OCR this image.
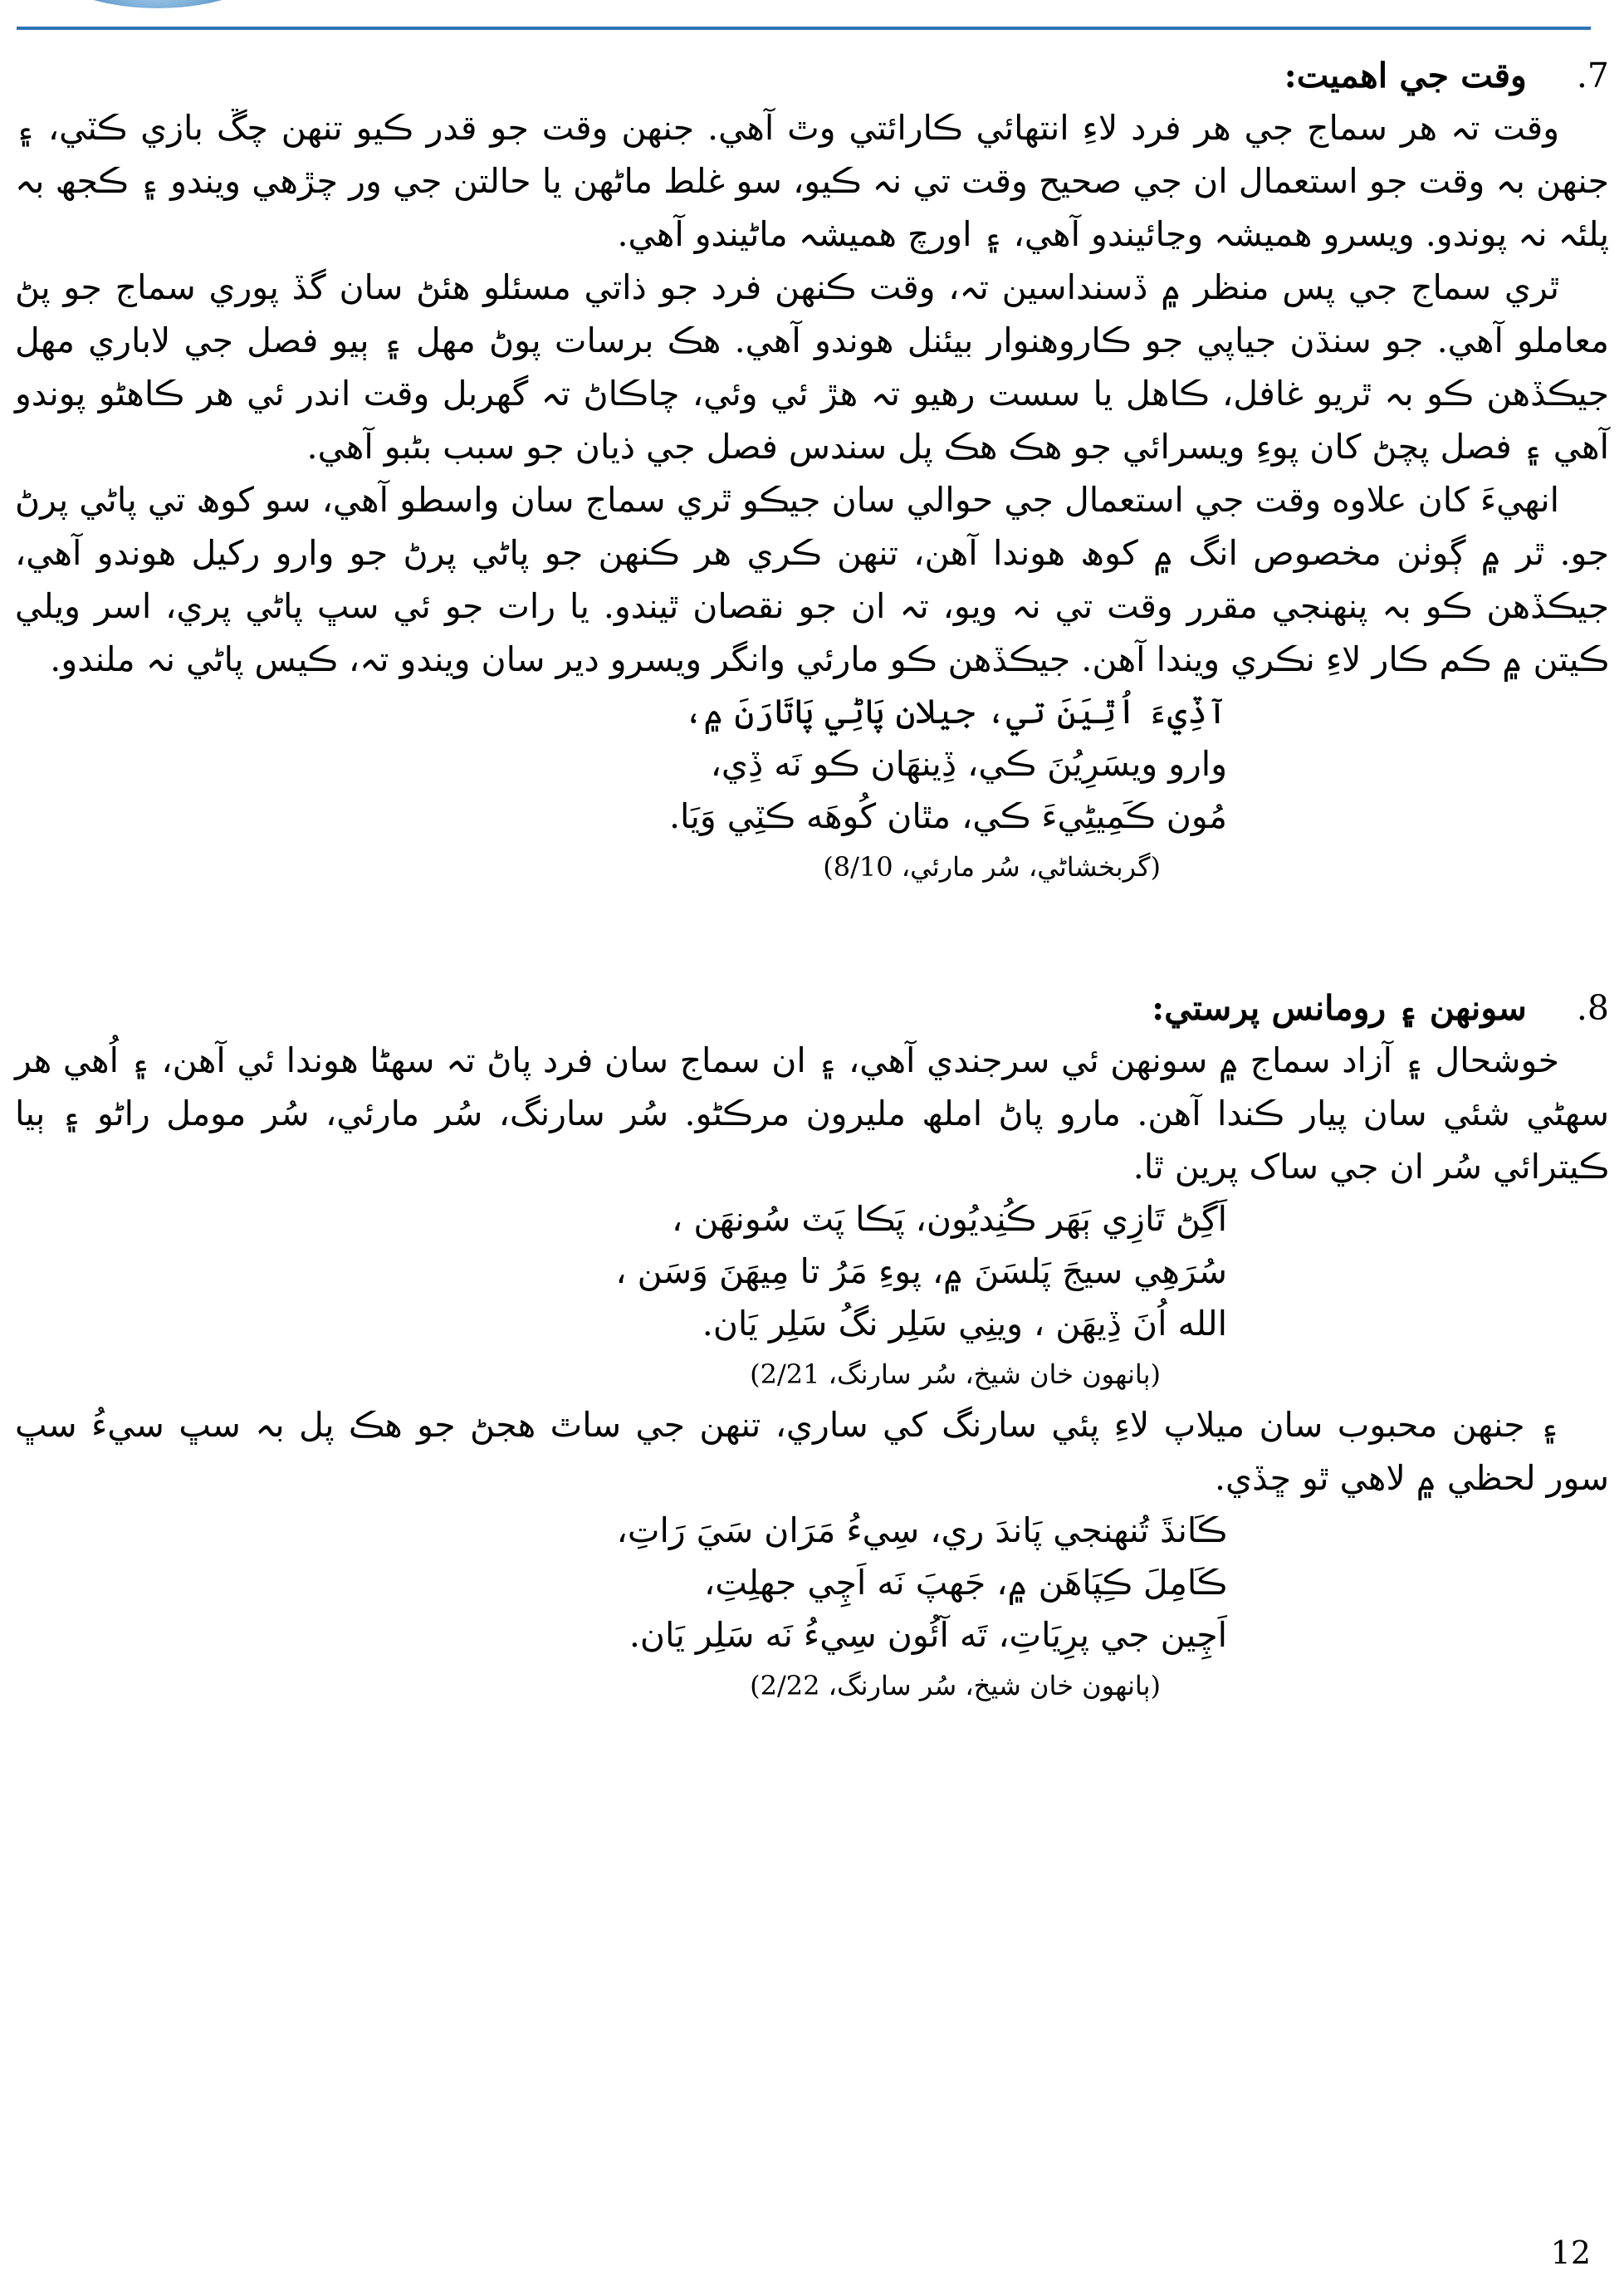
7.
وقت جي اهميت:

وقت تہ هر سماج جي هر فرد لاءِ انتهائي ڪارائتي وٿ آهي. جنهن وقت جو قدر ڪيو تنهن چڱ بازي ڪٽي، ۽ جنهن بہ وقت جو استعمال ان جي صحيح وقت تي نہ ڪيو، سو غلط ماڻهن يا حالتن جي ور چڙهي ويندو ۽ ڪجھ بہ پلئہ نہ پوندو. ويسرو هميشہ وڃائيندو آهي، ۽ اورچ هميشہ ماڻيندو آهي.

ٿري سماج جي پس منظر ۾ ڏسنداسين تہ، وقت ڪنهن فرد جو ذاتي مسئلو هئڻ سان گڏ پوري سماج جو پڻ معاملو آهي. جو سنڌن جياپي جو ڪاروهنوار بيئنل هوندو آهي. هڪ برسات پوڻ مهل ۽ ٻيو فصل جي لاباري مهل جيڪڏهن ڪو بہ ٿريو غافل، ڪاهل يا سست رهيو تہ هڙ ئي وئي، چاڪاڻ تہ گهربل وقت اندر ئي هر ڪاهڻو پوندو آهي ۽ فصل پچڻ کان پوءِ ويسرائي جو هڪ هڪ پل سندس فصل جي ذيان جو سبب بڻبو آهي.

انهيءَ کان علاوه وقت جي استعمال جي حوالي سان جيڪو ٿري سماج سان واسطو آهي، سو کوھ تي پاڻي پرڻ جو. ٿر ۾ ڳوٺن مخصوص انگ ۾ کوھ هوندا آهن، تنهن ڪري هر ڪنهن جو پاڻي پرڻ جو وارو رکيل هوندو آهي، جيڪڏهن ڪو بہ پنهنجي مقرر وقت تي نہ ويو، تہ ان جو نقصان ٿيندو. يا رات جو ئي سڀ پاڻي پري، اسر ويلي ڪيتن ۾ ڪم ڪار لاءِ نڪري ويندا آهن. جيڪڏهن ڪو مارئي وانگر ويسرو دير سان ويندو تہ، ڪيس پاڻي نہ ملندو.

آڏِيءَ اُٿِيَنَ تي، جيلان پَاڻِي پَاتَارَنَ ۾،

وارو ويسَرِيُنَ ڪي، ڏِينهَان ڪو نَه ڏِي،

مُون ڪَمِيڻِيءَ ڪي، مٿان کُوهَه ڪٽِي وَيَا.

(گربخشاڻي، سُر مارئي، 8/10)

8.
سونهن ۽ رومانس پرستي:

خوشحال ۽ آزاد سماج ۾ سونهن ئي سرجندي آهي، ۽ ان سماج سان فرد پاڻ تہ سهڻا هوندا ئي آهن، ۽ اُهي هر سهڻي شئي سان پيار ڪندا آهن. مارو پاڻ املھ مليرون مرڪڻو. سُر سارنگ، سُر مارئي، سُر مومل راڻو ۽ ٻيا ڪيترائي سُر ان جي ساک پرين ٿا.

اَگِڻ تَازِي ٻَهَر ڪُنِديُون، پَڪا پَٽ سُونهَن ،

سُرَهِي سيجَ پَلسَنَ ۾، پوءِ مَرُ تا مِيهَنَ وَسَن ،

الله اُنَ ڏِيهَن ، وينِي سَلِر نگُ سَلِر يَان.

(ٻانهون خان شيخ، سُر سارنگ، 2/21)

۽ جنهن محبوب سان ميلاپ لاءِ پئي سارنگ کي ساري، تنهن جي ساٿ هجڻ جو هڪ پل بہ سڀ سيءُ سڀ سور لحظي ۾ لاهي ٿو ڇڏي.

ڪَانڌَ تُنهنجي پَاندَ ري، سِيءُ مَرَان سَيَ رَاتِ،

ڪَامِلَ ڪِپَاهَن ۾، جَهپَ نَه اَچِي جهلِتِ،

اَچِين جي پرِيَاتِ، تَه آئُون سِيءُ نَه سَلِر يَان.

(ٻانهون خان شيخ، سُر سارنگ، 2/22)

12
